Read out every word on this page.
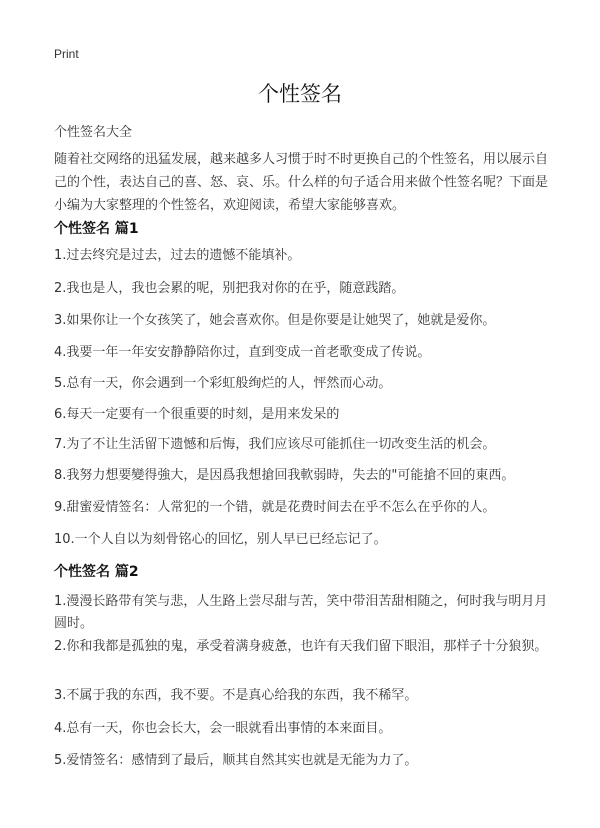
Print
个性签名
个性签名大全

随着社交网络的迅猛发展，越来越多人习惯于时不时更换自己的个性签名，用以展示自己的个性，表达自己的喜、怒、哀、乐。什么样的句子适合用来做个性签名呢？下面是小编为大家整理的个性签名，欢迎阅读，希望大家能够喜欢。

个性签名 篇1

1.过去终究是过去，过去的遗憾不能填补。

2.我也是人，我也会累的呢，别把我对你的在乎，随意践踏。

3.如果你让一个女孩笑了，她会喜欢你。但是你要是让她哭了，她就是爱你。

4.我要一年一年安安静静陪你过，直到变成一首老歌变成了传说。

5.总有一天，你会遇到一个彩虹般绚烂的人，怦然而心动。

6.每天一定要有一个很重要的时刻，是用来发呆的

7.为了不让生活留下遗憾和后悔，我们应该尽可能抓住一切改变生活的机会。

8.我努力想要變得強大，是因爲我想搶回我軟弱時，失去的"可能搶不回的東西。

9.甜蜜爱情签名：人常犯的一个错，就是花费时间去在乎不怎么在乎你的人。

10.一个人自以为刻骨铭心的回忆，别人早已已经忘记了。

个性签名 篇2

1.漫漫长路带有笑与悲，人生路上尝尽甜与苦，笑中带泪苦甜相随之，何时我与明月月圆时。

2.你和我都是孤独的鬼，承受着满身疲惫，也许有天我们留下眼泪，那样子十分狼狈。

3.不属于我的东西，我不要。不是真心给我的东西，我不稀罕。

4.总有一天，你也会长大，会一眼就看出事情的本来面目。

5.爱情签名：感情到了最后，顺其自然其实也就是无能为力了。
